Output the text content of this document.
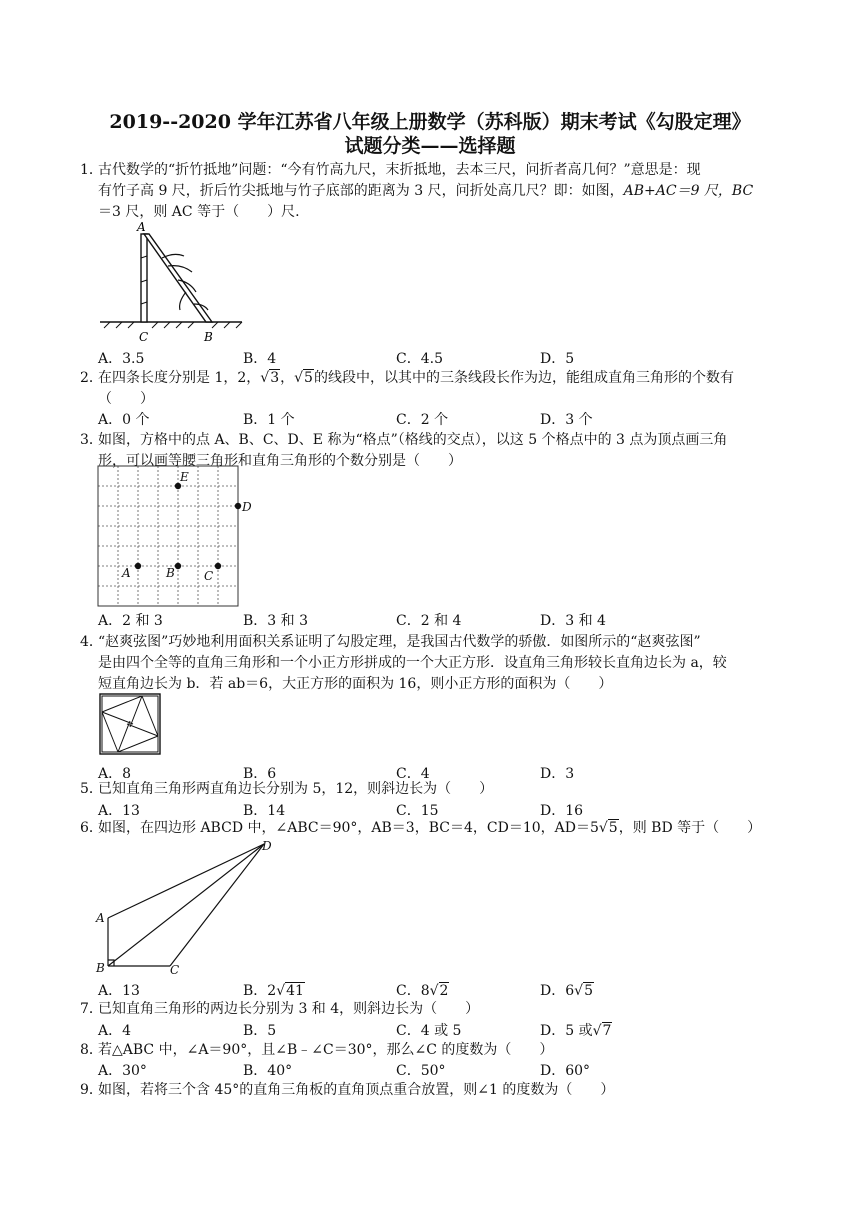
2019--2020 学年江苏省八年级上册数学（苏科版）期末考试《勾股定理》
试题分类——选择题
1．古代数学的“折竹抵地”问题：“今有竹高九尺，末折抵地，去本三尺，问折者高几何？”意思是：现
有竹子高 9 尺，折后竹尖抵地与竹子底部的距离为 3 尺，问折处高几尺？即：如图，AB+AC＝9 尺，BC
＝3 尺，则 AC 等于（　　）尺.
A
C	B
A．3.5	B．4	C．4.5	D．5
2．在四条长度分别是 1，2，√3，√5的线段中，以其中的三条线段长作为边，能组成直角三角形的个数有
（　　）
A．0 个	B．1 个	C．2 个	D．3 个
3．如图，方格中的点 A、B、C、D、E 称为“格点”（格线的交点），以这 5 个格点中的 3 点为顶点画三角
形，可以画等腰三角形和直角三角形的个数分别是（　　）
E
D
A	B C
A．2 和 3	B．3 和 3	C．2 和 4	D．3 和 4
4．“赵爽弦图”巧妙地利用面积关系证明了勾股定理，是我国古代数学的骄傲．如图所示的“赵爽弦图”
是由四个全等的直角三角形和一个小正方形拼成的一个大正方形．设直角三角形较长直角边长为 a，较
短直角边长为 b．若 ab＝6，大正方形的面积为 16，则小正方形的面积为（　　）
A．8	B．6	C．4	D．3
5．已知直角三角形两直角边长分别为 5，12，则斜边长为（　　）
A．13	B．14	C．15	D．16
6．如图，在四边形 ABCD 中，∠ABC＝90°，AB＝3，BC＝4，CD＝10，AD＝5√5，则 BD 等于（　　）
D
A
B	C
A．13	B．2√41	C．8√2	D．6√5
7．已知直角三角形的两边长分别为 3 和 4，则斜边长为（　　）
A．4	B．5	C．4 或 5	D．5 或√7
8．若△ABC 中，∠A＝90°，且∠B﹣∠C＝30°，那么∠C 的度数为（　　）
A．30°	B．40°	C．50°	D．60°
9．如图，若将三个含 45°的直角三角板的直角顶点重合放置，则∠1 的度数为（　　）
